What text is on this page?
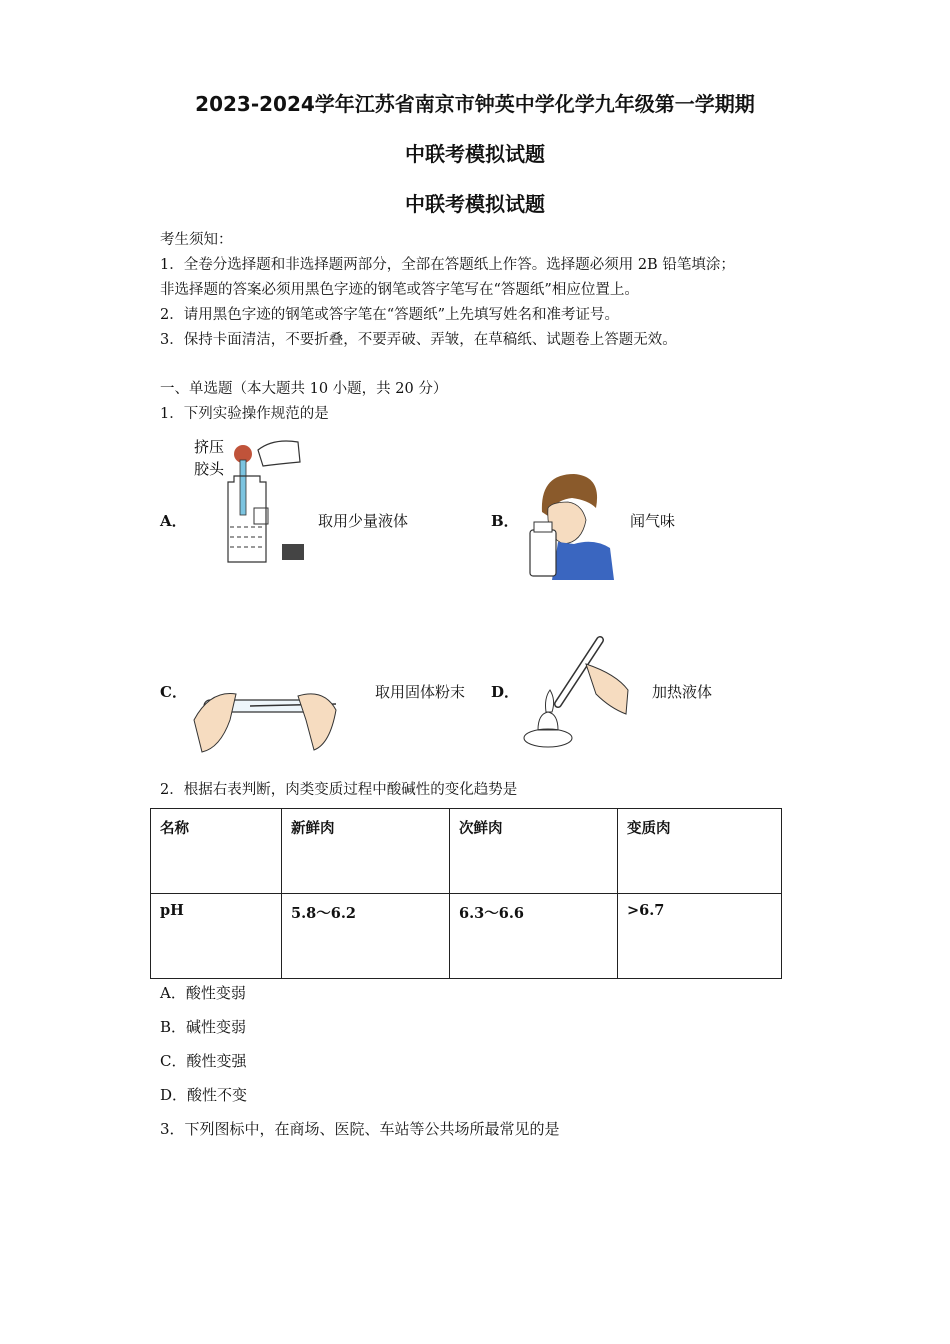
2023-2024学年江苏省南京市钟英中学化学九年级第一学期期
中联考模拟试题
中联考模拟试题
考生须知：
1．全卷分选择题和非选择题两部分，全部在答题纸上作答。选择题必须用 2B 铅笔填涂；
非选择题的答案必须用黑色字迹的钢笔或答字笔写在“答题纸”相应位置上。
2．请用黑色字迹的钢笔或答字笔在“答题纸”上先填写姓名和准考证号。
3．保持卡面清洁，不要折叠，不要弄破、弄皱，在草稿纸、试题卷上答题无效。
一、单选题（本大题共 10 小题，共 20 分）
1．下列实验操作规范的是
A．
挤压
胶头
取用少量液体	B．	闻气味
C．	取用固体粉末 D．	加热液体
2．根据右表判断，肉类变质过程中酸碱性的变化趋势是
名称	新鲜肉	次鲜肉	变质肉
pH	5.8～6.2	6.3～6.6	>6.7
A．酸性变弱
B．碱性变弱
C．酸性变强
D．酸性不变
3．下列图标中，在商场、医院、车站等公共场所最常见的是
